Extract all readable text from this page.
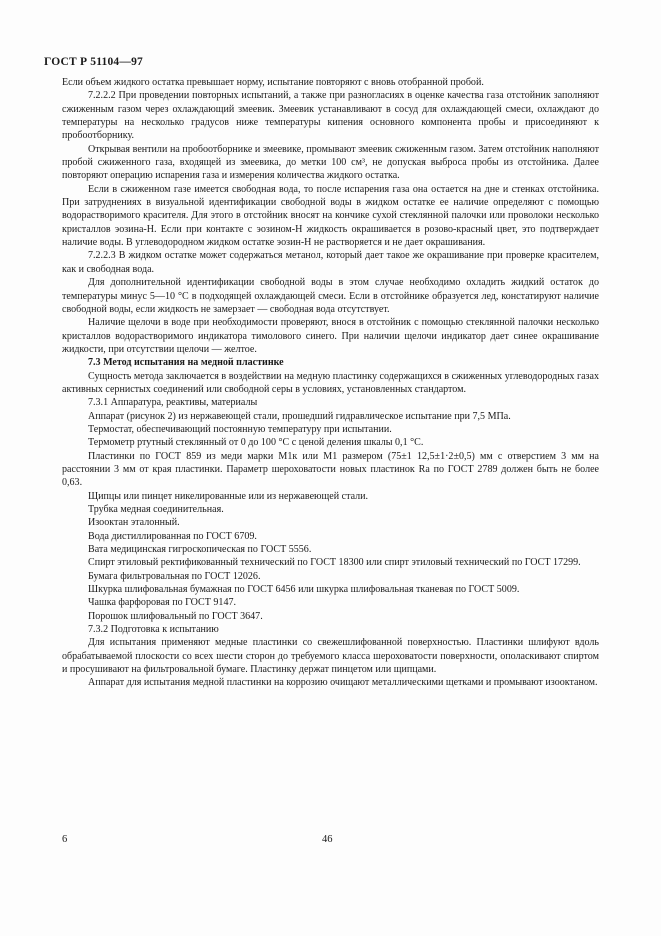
ГОСТ Р 51104—97

Если объем жидкого остатка превышает норму, испытание повторяют с вновь отобранной пробой.

7.2.2.2 При проведении повторных испытаний, а также при разногласиях в оценке качества газа отстойник заполняют сжиженным газом через охлаждающий змеевик. Змеевик устанавливают в сосуд для охлаждающей смеси, охлаждают до температуры на несколько градусов ниже температуры кипения основного компонента пробы и присоединяют к пробоотборнику.

Открывая вентили на пробоотборнике и змеевике, промывают змеевик сжиженным газом. Затем отстойник наполняют пробой сжиженного газа, входящей из змеевика, до метки 100 см³, не допуская выброса пробы из отстойника. Далее повторяют операцию испарения газа и измерения количества жидкого остатка.

Если в сжиженном газе имеется свободная вода, то после испарения газа она остается на дне и стенках отстойника. При затруднениях в визуальной идентификации свободной воды в жидком остатке ее наличие определяют с помощью водорастворимого красителя. Для этого в отстойник вносят на кончике сухой стеклянной палочки или проволоки несколько кристаллов эозина-Н. Если при контакте с эозином-Н жидкость окрашивается в розово-красный цвет, это подтверждает наличие воды. В углеводородном жидком остатке эозин-Н не растворяется и не дает окрашивания.

7.2.2.3 В жидком остатке может содержаться метанол, который дает такое же окрашивание при проверке красителем, как и свободная вода.

Для дополнительной идентификации свободной воды в этом случае необходимо охладить жидкий остаток до температуры минус 5—10 °С в подходящей охлаждающей смеси. Если в отстойнике образуется лед, констатируют наличие свободной воды, если жидкость не замерзает — свободная вода отсутствует.

Наличие щелочи в воде при необходимости проверяют, внося в отстойник с помощью стеклянной палочки несколько кристаллов водорастворимого индикатора тимолового синего. При наличии щелочи индикатор дает синее окрашивание жидкости, при отсутствии щелочи — желтое.

7.3 Метод испытания на медной пластинке

Сущность метода заключается в воздействии на медную пластинку содержащихся в сжиженных углеводородных газах активных сернистых соединений или свободной серы в условиях, установленных стандартом.

7.3.1 Аппаратура, реактивы, материалы

Аппарат (рисунок 2) из нержавеющей стали, прошедший гидравлическое испытание при 7,5 МПа.

Термостат, обеспечивающий постоянную температуру при испытании.

Термометр ртутный стеклянный от 0 до 100 °С с ценой деления шкалы 0,1 °С.

Пластинки по ГОСТ 859 из меди марки М1к или М1 размером (75±1 12,5±1·2±0,5) мм с отверстием 3 мм на расстоянии 3 мм от края пластинки. Параметр шероховатости новых пластинок Ra по ГОСТ 2789 должен быть не более 0,63.

Щипцы или пинцет никелированные или из нержавеющей стали.

Трубка медная соединительная.

Изооктан эталонный.

Вода дистиллированная по ГОСТ 6709.

Вата медицинская гигроскопическая по ГОСТ 5556.

Спирт этиловый ректификованный технический по ГОСТ 18300 или спирт этиловый технический по ГОСТ 17299.

Бумага фильтровальная по ГОСТ 12026.

Шкурка шлифовальная бумажная по ГОСТ 6456 или шкурка шлифовальная тканевая по ГОСТ 5009.

Чашка фарфоровая по ГОСТ 9147.

Порошок шлифовальный по ГОСТ 3647.

7.3.2 Подготовка к испытанию

Для испытания применяют медные пластинки со свежешлифованной поверхностью. Пластинки шлифуют вдоль обрабатываемой плоскости со всех шести сторон до требуемого класса шероховатости поверхности, ополаскивают спиртом и просушивают на фильтровальной бумаге. Пластинку держат пинцетом или щипцами.

Аппарат для испытания медной пластинки на коррозию очищают металлическими щетками и промывают изооктаном.

6	46
